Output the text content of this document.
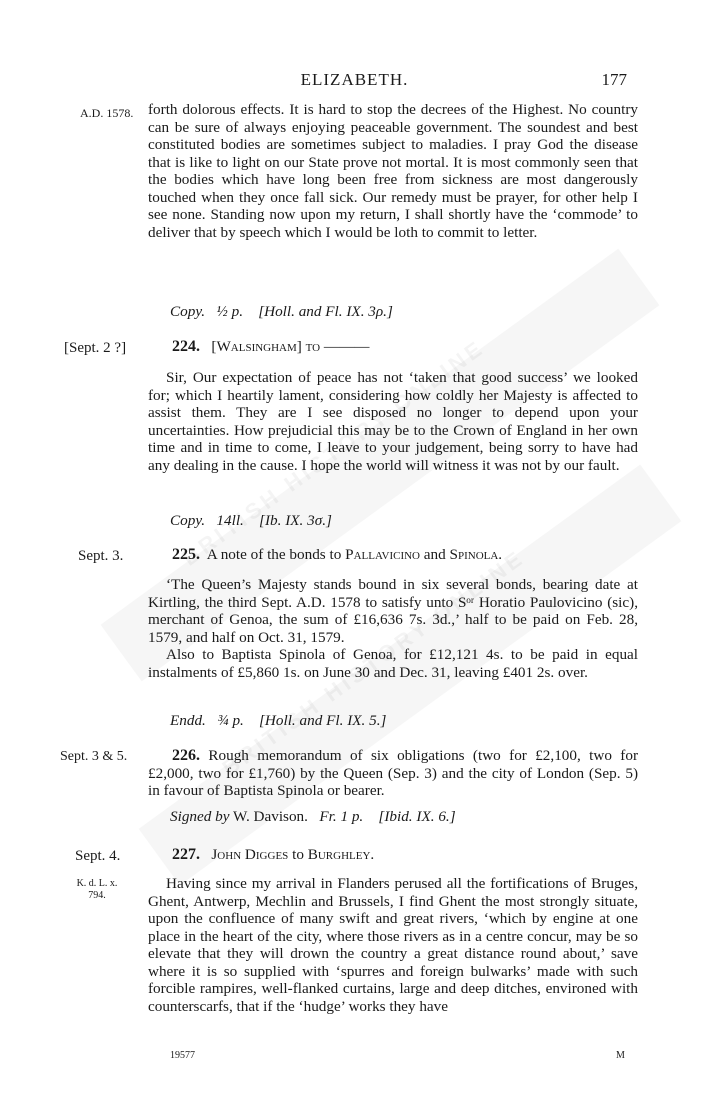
ELIZABETH.	177
A.D. 1578. forth dolorous effects. It is hard to stop the decrees of the Highest. No country can be sure of always enjoying peaceable government. The soundest and best constituted bodies are sometimes subject to maladies. I pray God the disease that is like to light on our State prove not mortal. It is most commonly seen that the bodies which have long been free from sickness are most dangerously touched when they once fall sick. Our remedy must be prayer, for other help I see none. Standing now upon my return, I shall shortly have the ‘commode’ to deliver that by speech which I would be loth to commit to letter.
Copy. ½ p. [Holl. and Fl. IX. 3ρ.]
[Sept. 2 ?]	224. [Walsingham] to ———
Sir, Our expectation of peace has not ‘taken that good success’ we looked for; which I heartily lament, considering how coldly her Majesty is affected to assist them. They are I see disposed no longer to depend upon your uncertainties. How prejudicial this may be to the Crown of England in her own time and in time to come, I leave to your judgement, being sorry to have had any dealing in the cause. I hope the world will witness it was not by our fault.
Copy. 14ll. [Ib. IX. 3σ.]
Sept. 3.	225. A note of the bonds to Pallavicino and Spinola.
‘The Queen’s Majesty stands bound in six several bonds, bearing date at Kirtling, the third Sept. A.D. 1578 to satisfy unto Sᵒʳ Horatio Paulovicino (sic), merchant of Genoa, the sum of £16,636 7s. 3d.,’ half to be paid on Feb. 28, 1579, and half on Oct. 31, 1579.
Also to Baptista Spinola of Genoa, for £12,121 4s. to be paid in equal instalments of £5,860 1s. on June 30 and Dec. 31, leaving £401 2s. over.
Endd. ¾ p. [Holl. and Fl. IX. 5.]
Sept. 3 & 5.	226. Rough memorandum of six obligations (two for £2,100, two for £2,000, two for £1,760) by the Queen (Sep. 3) and the city of London (Sep. 5) in favour of Baptista Spinola or bearer.
Signed by W. Davison. Fr. 1 p. [Ibid. IX. 6.]
Sept. 4.	227. John Digges to Burghley.
K. d. L. x.
794.
Having since my arrival in Flanders perused all the fortifications of Bruges, Ghent, Antwerp, Mechlin and Brussels, I find Ghent the most strongly situate, upon the confluence of many swift and great rivers, ‘which by engine at one place in the heart of the city, where those rivers as in a centre concur, may be so elevate that they will drown the country a great distance round about,’ save where it is so supplied with ‘spurres and foreign bulwarks’ made with such forcible rampires, well-flanked curtains, large and deep ditches, environed with counterscarfs, that if the ‘hudge’ works they have
19577	M
